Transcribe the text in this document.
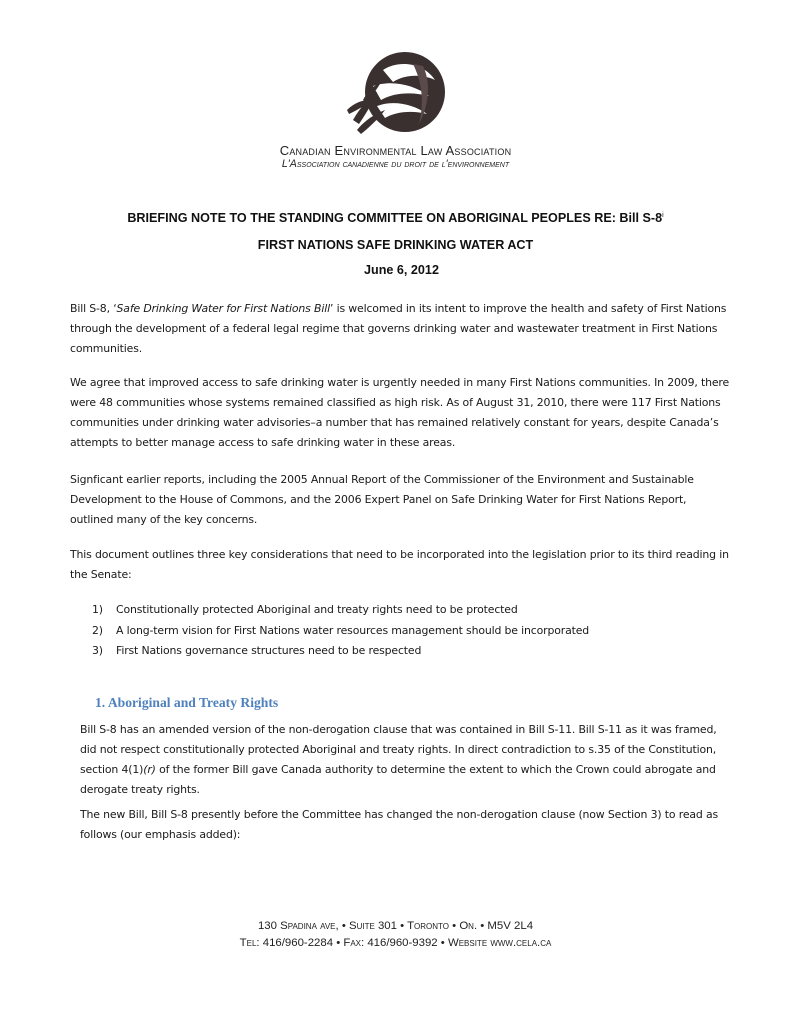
Canadian Environmental Law Association
L'Association canadienne du droit de l'environnement
BRIEFING NOTE TO THE STANDING COMMITTEE ON ABORIGINAL PEOPLES RE: Bill S-8$^i$
FIRST NATIONS SAFE DRINKING WATER ACT
June 6, 2012
Bill S-8, ‘Safe Drinking Water for First Nations Bill’ is welcomed in its intent to improve the health and safety of First Nations through the development of a federal legal regime that governs drinking water and wastewater treatment in First Nations communities.
We agree that improved access to safe drinking water is urgently needed in many First Nations communities. In 2009, there were 48 communities whose systems remained classified as high risk. As of August 31, 2010, there were 117 First Nations communities under drinking water advisories–a number that has remained relatively constant for years, despite Canada’s attempts to better manage access to safe drinking water in these areas.
Signficant earlier reports, including the 2005 Annual Report of the Commissioner of the Environment and Sustainable Development to the House of Commons, and the 2006 Expert Panel on Safe Drinking Water for First Nations Report, outlined many of the key concerns.
This document outlines three key considerations that need to be incorporated into the legislation prior to its third reading in the Senate:
1)	Constitutionally protected Aboriginal and treaty rights need to be protected
2)	A long-term vision for First Nations water resources management should be incorporated
3)	First Nations governance structures need to be respected
1. Aboriginal and Treaty Rights
Bill S-8 has an amended version of the non-derogation clause that was contained in Bill S-11. Bill S-11 as it was framed, did not respect constitutionally protected Aboriginal and treaty rights. In direct contradiction to s.35 of the Constitution, section 4(1)(r) of the former Bill gave Canada authority to determine the extent to which the Crown could abrogate and derogate treaty rights.
The new Bill, Bill S-8 presently before the Committee has changed the non-derogation clause (now Section 3) to read as follows (our emphasis added):
130 Spadina ave, • Suite 301 • Toronto • On. • M5V 2L4
Tel: 416/960-2284 • Fax: 416/960-9392 • Website www.cela.ca
